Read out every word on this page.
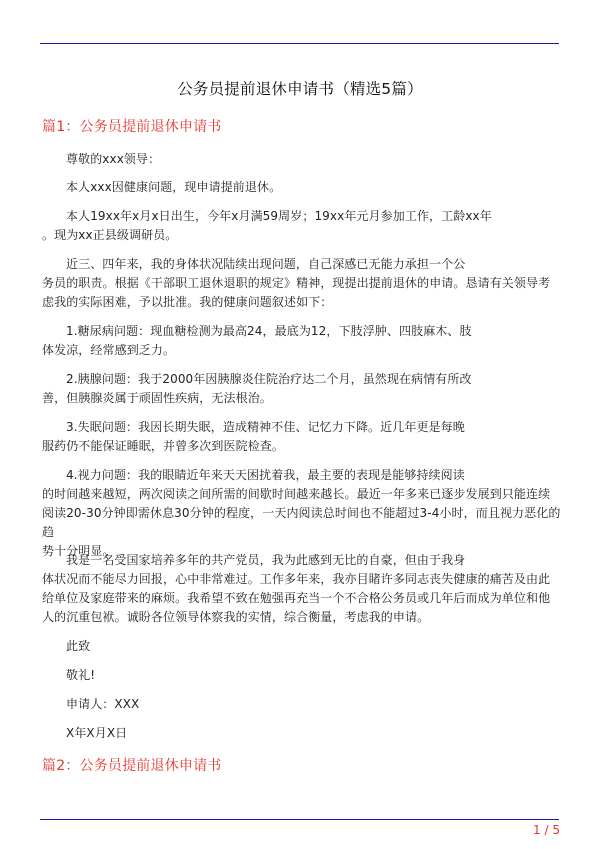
公务员提前退休申请书（精选5篇）
篇1：公务员提前退休申请书
尊敬的xxx领导：
本人xxx因健康问题，现申请提前退休。
本人19xx年x月x日出生，今年x月满59周岁；19xx年元月参加工作，工龄xx年
。现为xx正县级调研员。
近三、四年来，我的身体状况陆续出现问题，自己深感已无能力承担一个公
务员的职责。根据《干部职工退休退职的规定》精神，现提出提前退休的申请。恳请有关领导考
虑我的实际困难，予以批准。我的健康问题叙述如下：
1.糖尿病问题：现血糖检测为最高24，最底为12，下肢浮肿、四肢麻木、肢
体发凉，经常感到乏力。
2.胰腺问题：我于2000年因胰腺炎住院治疗达二个月，虽然现在病情有所改
善，但胰腺炎属于顽固性疾病，无法根治。
3.失眠问题：我因长期失眠，造成精神不佳、记忆力下降。近几年更是每晚
服药仍不能保证睡眠，并曾多次到医院检查。
4.视力问题：我的眼睛近年来天天困扰着我，最主要的表现是能够持续阅读
的时间越来越短，两次阅读之间所需的间歇时间越来越长。最近一年多来已逐步发展到只能连续
阅读20-30分钟即需休息30分钟的程度，一天内阅读总时间也不能超过3-4小时，而且视力恶化的趋
势十分明显。
我是一名受国家培养多年的共产党员，我为此感到无比的自豪，但由于我身
体状况而不能尽力回报，心中非常难过。工作多年来，我亦目睹许多同志丧失健康的痛苦及由此
给单位及家庭带来的麻烦。我希望不致在勉强再充当一个不合格公务员或几年后而成为单位和他
人的沉重包袱。诚盼各位领导体察我的实情，综合衡量，考虑我的申请。
此致
敬礼!
申请人：XXX
X年X月X日
篇2：公务员提前退休申请书
1 / 5
